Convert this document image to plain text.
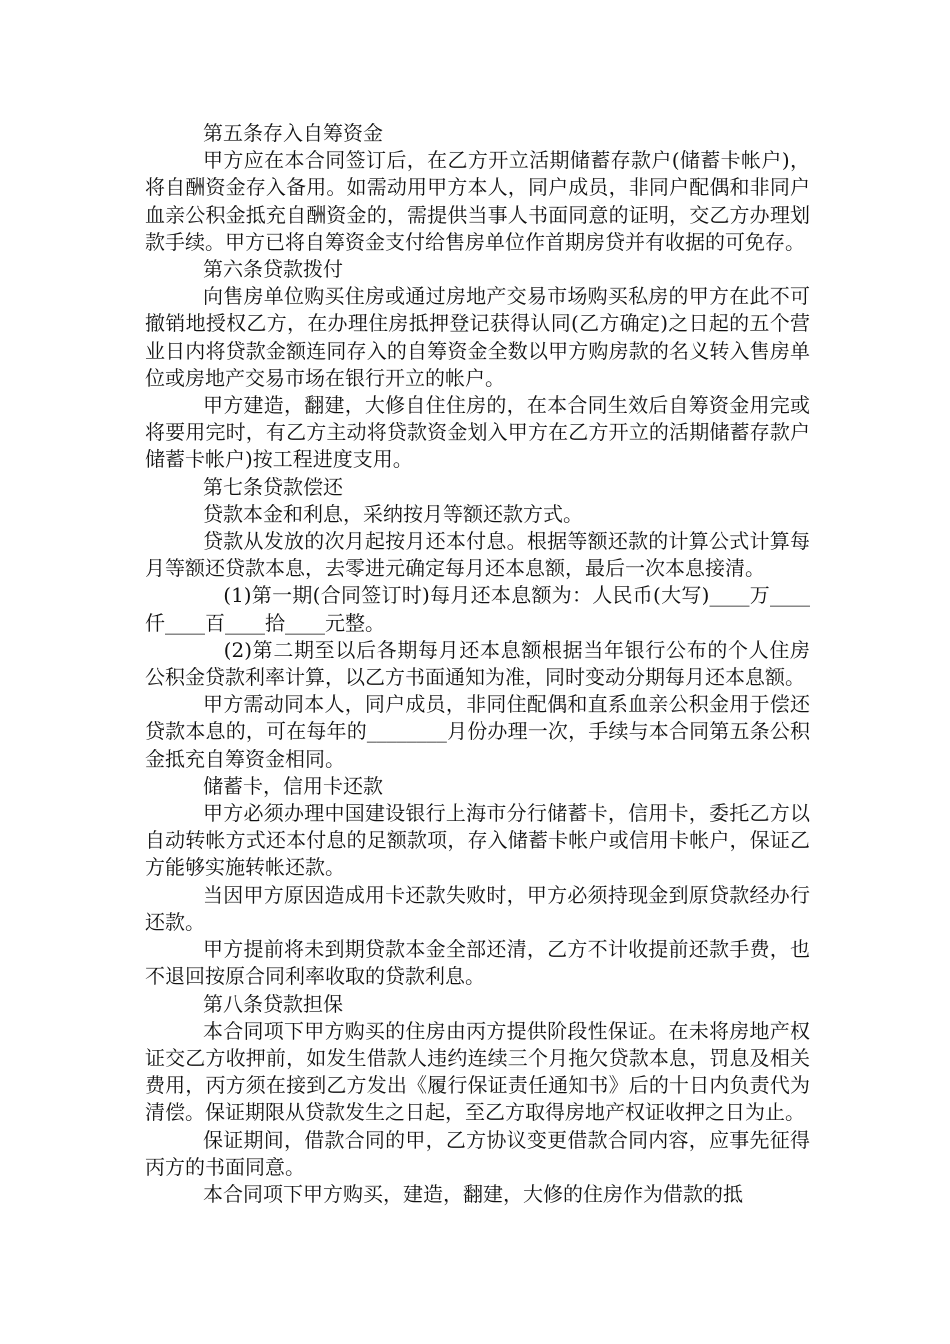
第五条存入自筹资金

甲方应在本合同签订后，在乙方开立活期储蓄存款户(储蓄卡帐户)，将自酬资金存入备用。如需动用甲方本人，同户成员，非同户配偶和非同户血亲公积金抵充自酬资金的，需提供当事人书面同意的证明，交乙方办理划款手续。甲方已将自筹资金支付给售房单位作首期房贷并有收据的可免存。

第六条贷款拨付

向售房单位购买住房或通过房地产交易市场购买私房的甲方在此不可撤销地授权乙方，在办理住房抵押登记获得认同(乙方确定)之日起的五个营业日内将贷款金额连同存入的自筹资金全数以甲方购房款的名义转入售房单位或房地产交易市场在银行开立的帐户。

甲方建造，翻建，大修自住住房的，在本合同生效后自筹资金用完或将要用完时，有乙方主动将贷款资金划入甲方在乙方开立的活期储蓄存款户储蓄卡帐户)按工程进度支用。

第七条贷款偿还

贷款本金和利息，采纳按月等额还款方式。

贷款从发放的次月起按月还本付息。根据等额还款的计算公式计算每月等额还贷款本息，去零进元确定每月还本息额，最后一次本息接清。

　(1)第一期(合同签订时)每月还本息额为：人民币(大写)____万____仟____百____拾____元整。

　(2)第二期至以后各期每月还本息额根据当年银行公布的个人住房公积金贷款利率计算，以乙方书面通知为准，同时变动分期每月还本息额。

甲方需动同本人，同户成员，非同住配偶和直系血亲公积金用于偿还贷款本息的，可在每年的________月份办理一次，手续与本合同第五条公积金抵充自筹资金相同。

储蓄卡，信用卡还款

甲方必须办理中国建设银行上海市分行储蓄卡，信用卡，委托乙方以自动转帐方式还本付息的足额款项，存入储蓄卡帐户或信用卡帐户，保证乙方能够实施转帐还款。

当因甲方原因造成用卡还款失败时，甲方必须持现金到原贷款经办行还款。

甲方提前将未到期贷款本金全部还清，乙方不计收提前还款手费，也不退回按原合同利率收取的贷款利息。

第八条贷款担保

本合同项下甲方购买的住房由丙方提供阶段性保证。在未将房地产权证交乙方收押前，如发生借款人违约连续三个月拖欠贷款本息，罚息及相关费用，丙方须在接到乙方发出《履行保证责任通知书》后的十日内负责代为清偿。保证期限从贷款发生之日起，至乙方取得房地产权证收押之日为止。

保证期间，借款合同的甲，乙方协议变更借款合同内容，应事先征得丙方的书面同意。

本合同项下甲方购买，建造，翻建，大修的住房作为借款的抵
